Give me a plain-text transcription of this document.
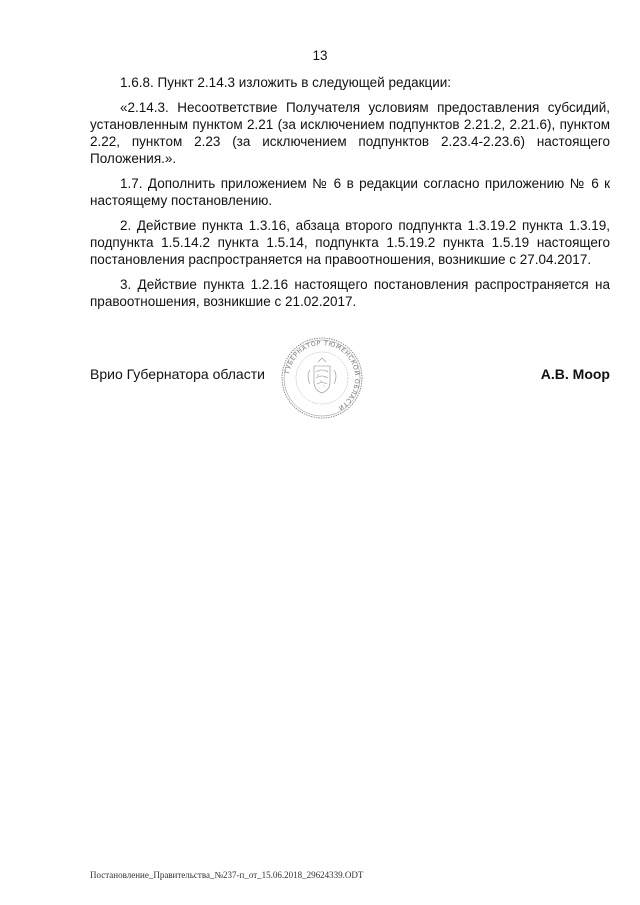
13

1.6.8. Пункт 2.14.3 изложить в следующей редакции:

«2.14.3. Несоответствие Получателя условиям предоставления субсидий, установленным пунктом 2.21 (за исключением подпунктов 2.21.2, 2.21.6), пунктом 2.22, пунктом 2.23 (за исключением подпунктов 2.23.4-2.23.6) настоящего Положения.».

1.7. Дополнить приложением № 6 в редакции согласно приложению № 6 к настоящему постановлению.

2. Действие пункта 1.3.16, абзаца второго подпункта 1.3.19.2 пункта 1.3.19, подпункта 1.5.14.2 пункта 1.5.14, подпункта 1.5.19.2 пункта 1.5.19 настоящего постановления распространяется на правоотношения, возникшие с 27.04.2017.

3. Действие пункта 1.2.16 настоящего постановления распространяется на правоотношения, возникшие с 21.02.2017.

Врио Губернатора области	А.В. Моор
ГУБЕРНАТОР ТЮМЕНСКОЙ ОБЛАСТИ
Постановление_Правительства_№237-п_от_15.06.2018_29624339.ODT
